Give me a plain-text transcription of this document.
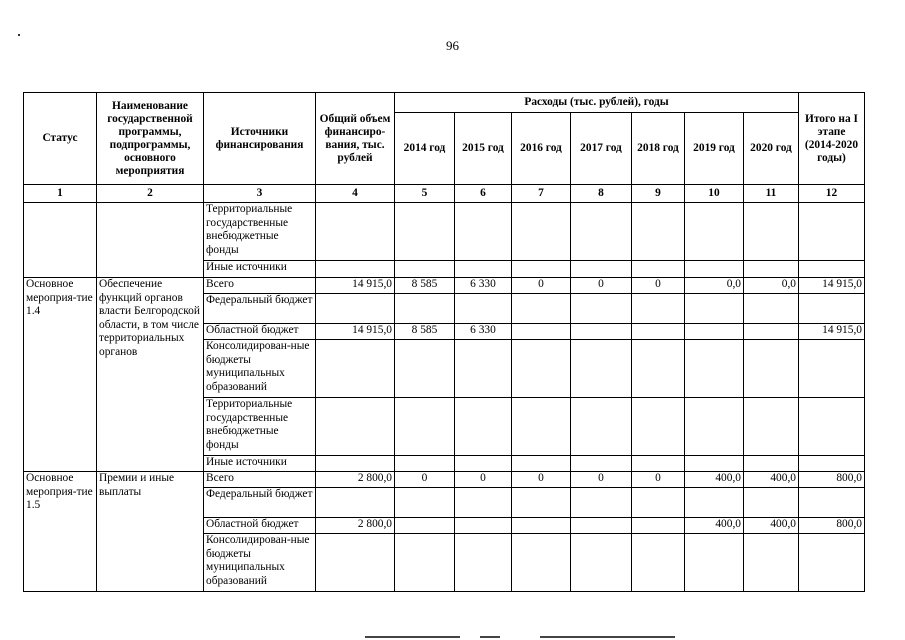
96
Статус	Наименование государственной программы, подпрограммы, основного мероприятия	Источники финансирования	Общий объем финансиро-вания, тыс. рублей	Расходы (тыс. рублей), годы							Итого на I этапе (2014-2020 годы)
				2014 год	2015 год	2016 год	2017 год	2018 год	2019 год	2020 год	
1	2	3	4	5	6	7	8	9	10	11	12
		Территориальные государственные внебюджетные фонды									
		Иные источники									
Основное мероприя-тие 1.4	Обеспечение функций органов власти Белгородской области, в том числе территориальных органов	Всего	14 915,0	8 585	6 330	0	0	0	0,0	0,0	14 915,0
		Федеральный бюджет									
		Областной бюджет	14 915,0	8 585	6 330						14 915,0
		Консолидирован-ные бюджеты муниципальных образований									
		Территориальные государственные внебюджетные фонды									
		Иные источники									
Основное мероприя-тие 1.5	Премии и иные выплаты	Всего	2 800,0	0	0	0	0	0	400,0	400,0	800,0
		Федеральный бюджет									
		Областной бюджет	2 800,0						400,0	400,0	800,0
		Консолидирован-ные бюджеты муниципальных образований									
